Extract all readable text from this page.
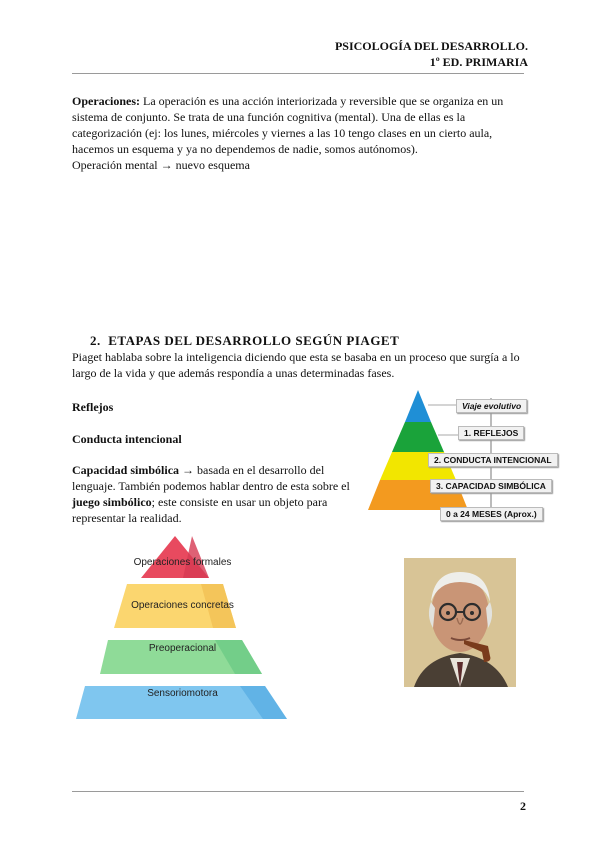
PSICOLOGÍA DEL DESARROLLO.
1º ED. PRIMARIA
Operaciones: La operación es una acción interiorizada y reversible que se organiza en un sistema de conjunto. Se trata de una función cognitiva (mental). Una de ellas es la categorización (ej: los lunes, miércoles y viernes a las 10 tengo clases en un cierto aula, hacemos un esquema y ya no dependemos de nadie, somos autónomos).
Operación mental → nuevo esquema
2. ETAPAS DEL DESARROLLO SEGÚN PIAGET
Piaget hablaba sobre la inteligencia diciendo que esta se basaba en un proceso que surgía a lo largo de la vida y que además respondía a unas determinadas fases.
Reflejos
Conducta intencional
Capacidad simbólica → basada en el desarrollo del lenguaje. También podemos hablar dentro de esta sobre el juego simbólico; este consiste en usar un objeto para representar la realidad.
Viaje evolutivo
1. REFLEJOS
2. CONDUCTA INTENCIONAL
3. CAPACIDAD SIMBÓLICA
0 a 24 MESES (Aprox.)
Operaciones formales
Operaciones concretas
Preoperacional
Sensoriomotora
2
